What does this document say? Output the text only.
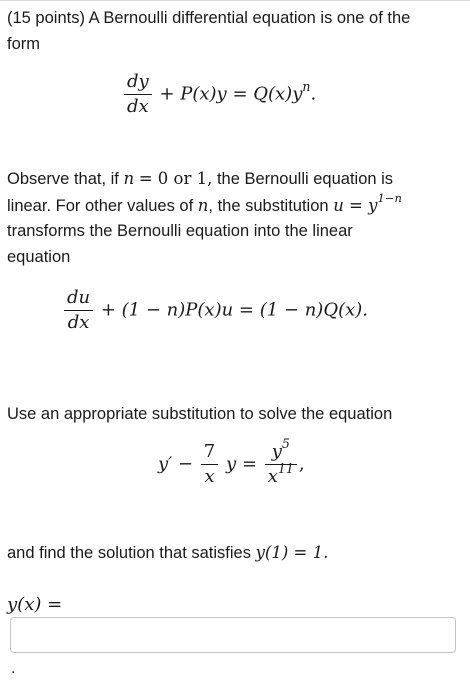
(15 points) A Bernoulli differential equation is one of the
form
$\frac{dy}{dx} + P(x)y = Q(x)y^n$.
Observe that, if n = 0 or 1, the Bernoulli equation is
linear. For other values of n, the substitution $u = y^{1-n}$
transforms the Bernoulli equation into the linear
equation
$\frac{du}{dx} + (1 - n)P(x)u = (1 - n)Q(x)$.
Use an appropriate substitution to solve the equation
$y' - \frac{7}{x}$ $y = \frac{y^5}{x^{11}}$ ,
and find the solution that satisfies y(1) = 1.
y(x) =
.
